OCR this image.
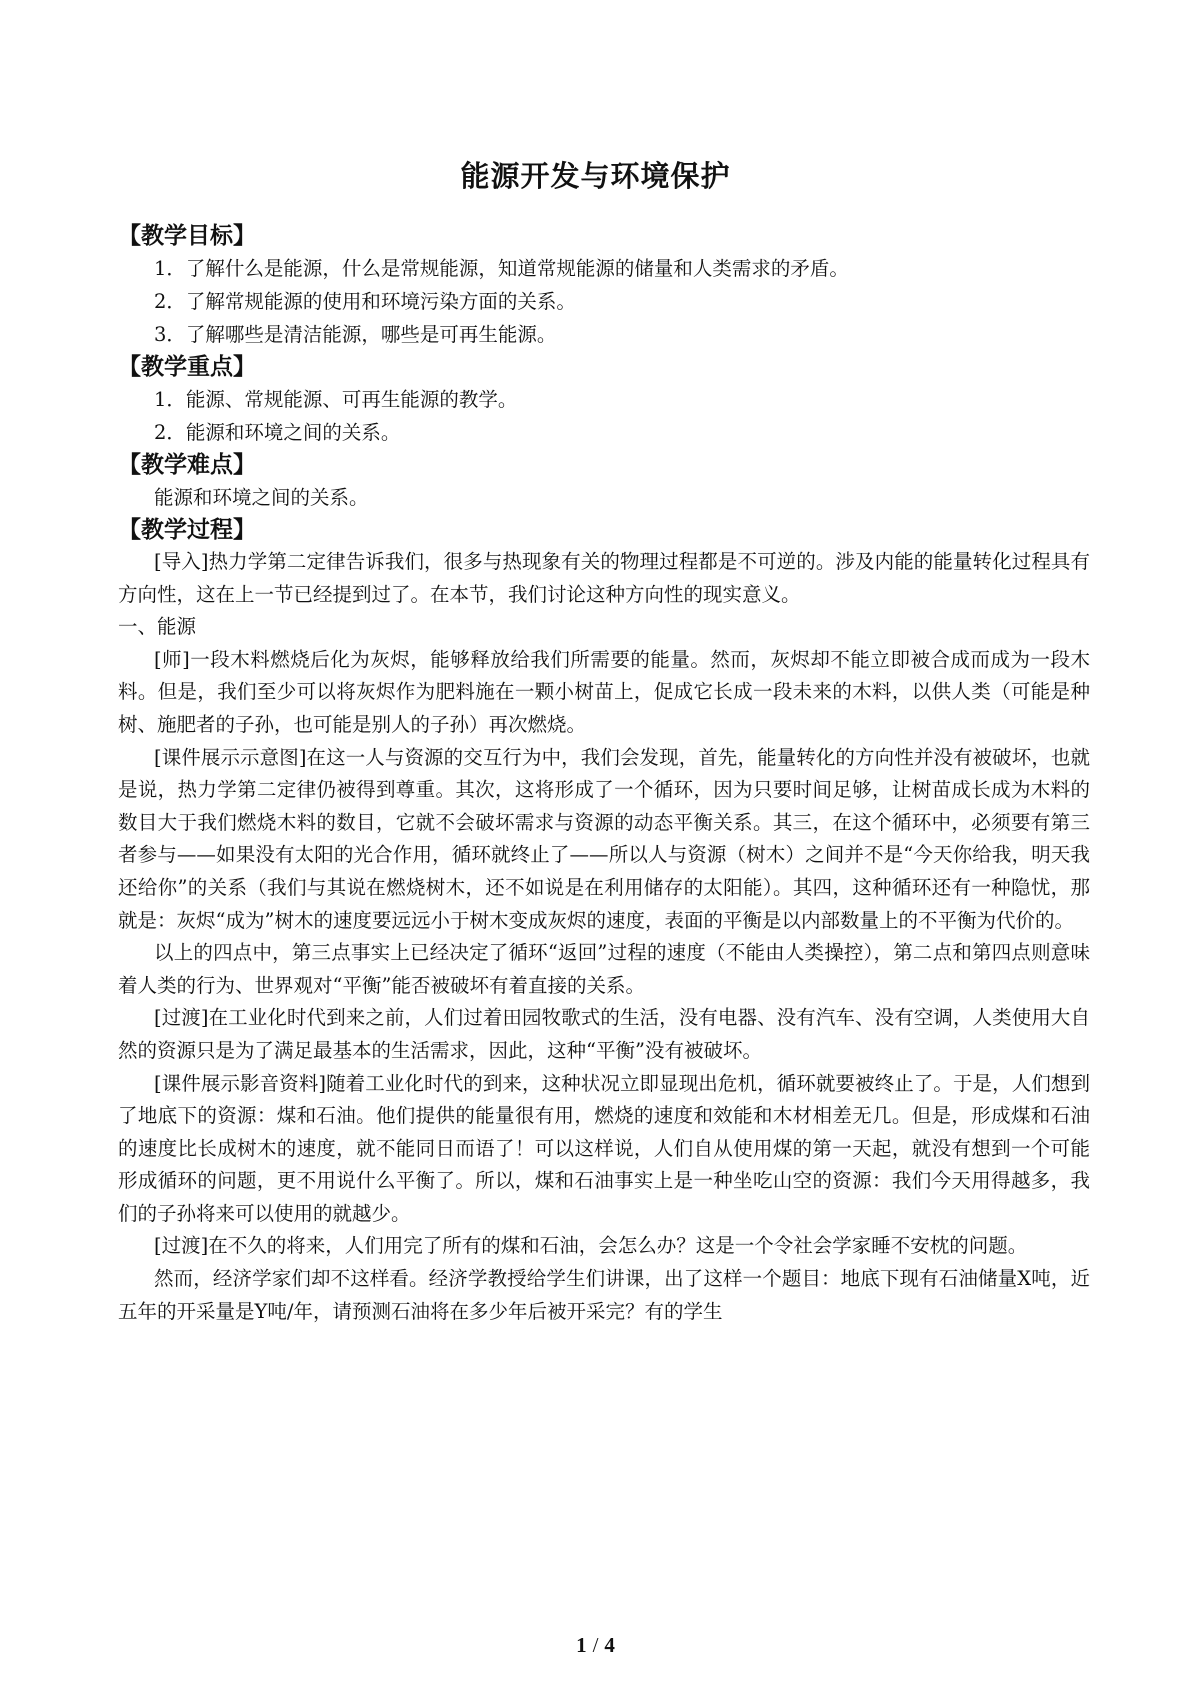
能源开发与环境保护

【教学目标】

1．了解什么是能源，什么是常规能源，知道常规能源的储量和人类需求的矛盾。

2．了解常规能源的使用和环境污染方面的关系。

3．了解哪些是清洁能源，哪些是可再生能源。

【教学重点】

1．能源、常规能源、可再生能源的教学。

2．能源和环境之间的关系。

【教学难点】

能源和环境之间的关系。

【教学过程】

[导入]热力学第二定律告诉我们，很多与热现象有关的物理过程都是不可逆的。涉及内能的能量转化过程具有方向性，这在上一节已经提到过了。在本节，我们讨论这种方向性的现实意义。

一、能源

[师]一段木料燃烧后化为灰烬，能够释放给我们所需要的能量。然而，灰烬却不能立即被合成而成为一段木料。但是，我们至少可以将灰烬作为肥料施在一颗小树苗上，促成它长成一段未来的木料，以供人类（可能是种树、施肥者的子孙，也可能是别人的子孙）再次燃烧。

[课件展示示意图]在这一人与资源的交互行为中，我们会发现，首先，能量转化的方向性并没有被破坏，也就是说，热力学第二定律仍被得到尊重。其次，这将形成了一个循环，因为只要时间足够，让树苗成长成为木料的数目大于我们燃烧木料的数目，它就不会破坏需求与资源的动态平衡关系。其三，在这个循环中，必须要有第三者参与——如果没有太阳的光合作用，循环就终止了——所以人与资源（树木）之间并不是“今天你给我，明天我还给你”的关系（我们与其说在燃烧树木，还不如说是在利用储存的太阳能）。其四，这种循环还有一种隐忧，那就是：灰烬“成为”树木的速度要远远小于树木变成灰烬的速度，表面的平衡是以内部数量上的不平衡为代价的。

以上的四点中，第三点事实上已经决定了循环“返回”过程的速度（不能由人类操控），第二点和第四点则意味着人类的行为、世界观对“平衡”能否被破坏有着直接的关系。

[过渡]在工业化时代到来之前，人们过着田园牧歌式的生活，没有电器、没有汽车、没有空调，人类使用大自然的资源只是为了满足最基本的生活需求，因此，这种“平衡”没有被破坏。

[课件展示影音资料]随着工业化时代的到来，这种状况立即显现出危机，循环就要被终止了。于是，人们想到了地底下的资源：煤和石油。他们提供的能量很有用，燃烧的速度和效能和木材相差无几。但是，形成煤和石油的速度比长成树木的速度，就不能同日而语了！可以这样说，人们自从使用煤的第一天起，就没有想到一个可能形成循环的问题，更不用说什么平衡了。所以，煤和石油事实上是一种坐吃山空的资源：我们今天用得越多，我们的子孙将来可以使用的就越少。

[过渡]在不久的将来，人们用完了所有的煤和石油，会怎么办？这是一个令社会学家睡不安枕的问题。

然而，经济学家们却不这样看。经济学教授给学生们讲课，出了这样一个题目：地底下现有石油储量X吨，近五年的开采量是Y吨/年，请预测石油将在多少年后被开采完？有的学生

1 / 4
